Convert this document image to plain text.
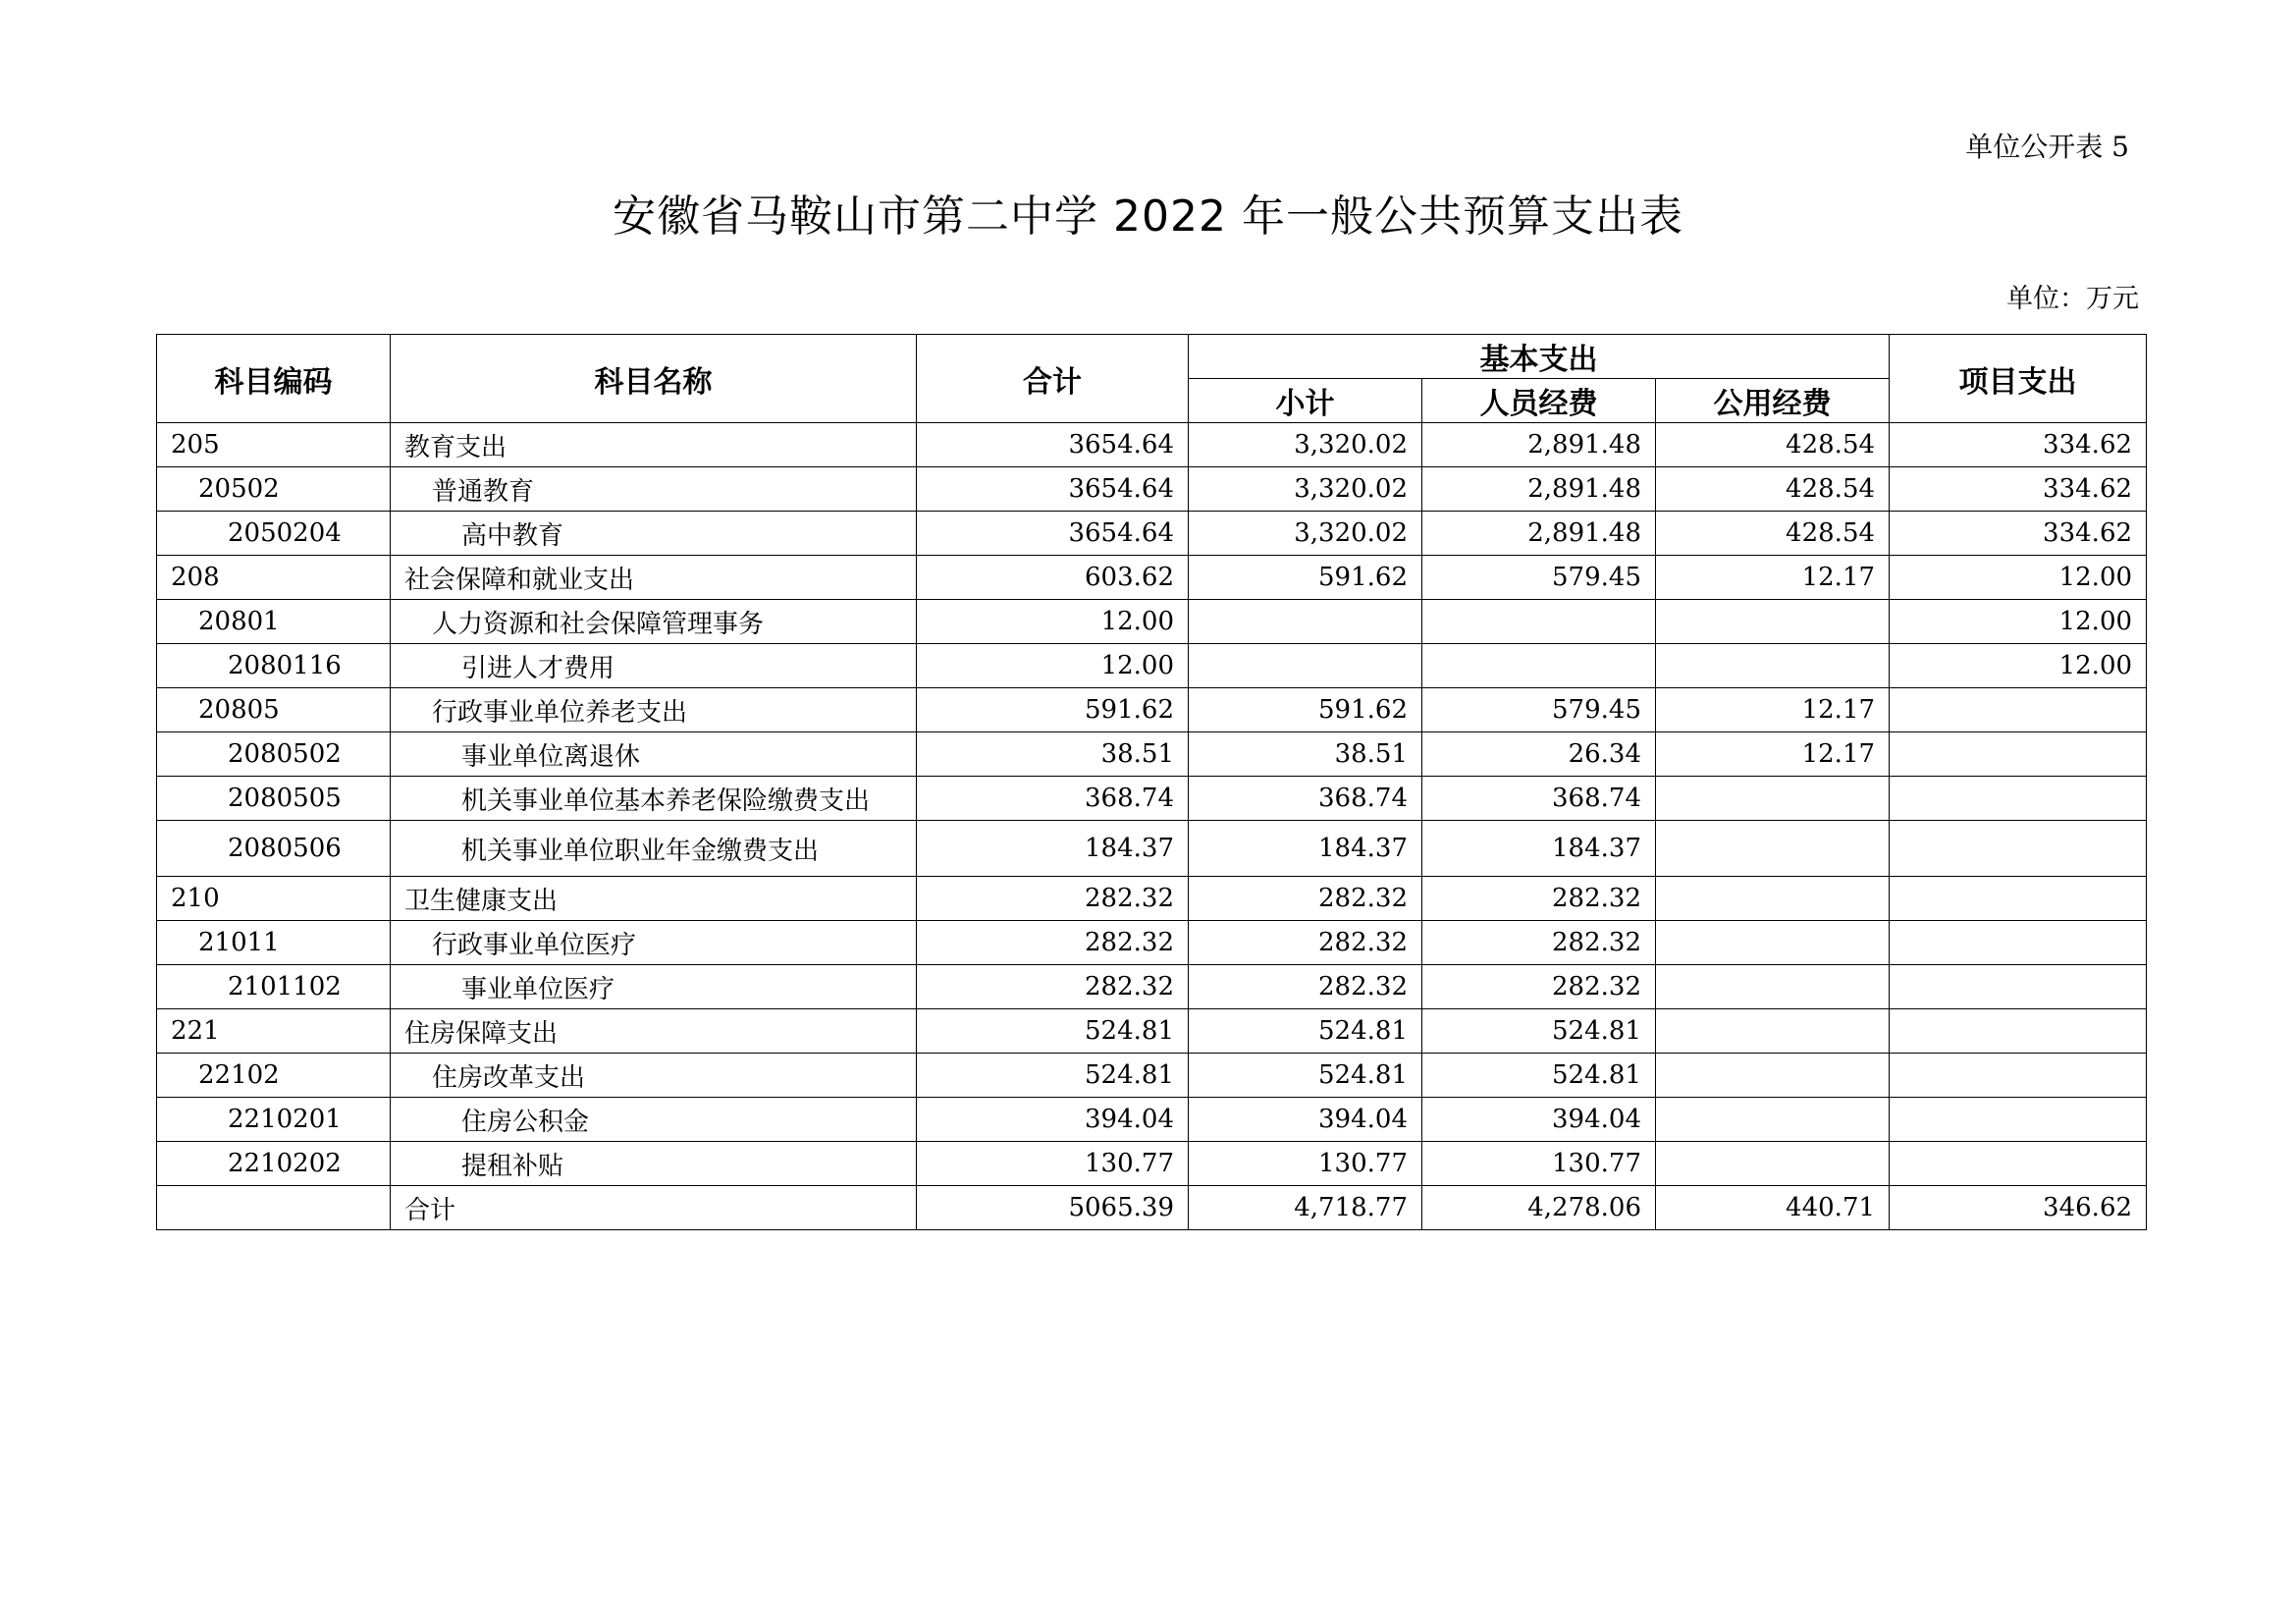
单位公开表 5
安徽省马鞍山市第二中学 2022 年一般公共预算支出表
单位：万元
科目编码	科目名称	合计	基本支出			项目支出
			小计	人员经费	公用经费	
205	教育支出	3654.64	3,320.02	2,891.48	428.54	334.62
20502	普通教育	3654.64	3,320.02	2,891.48	428.54	334.62
2050204	高中教育	3654.64	3,320.02	2,891.48	428.54	334.62
208	社会保障和就业支出	603.62	591.62	579.45	12.17	12.00
20801	人力资源和社会保障管理事务	12.00				12.00
2080116	引进人才费用	12.00				12.00
20805	行政事业单位养老支出	591.62	591.62	579.45	12.17	
2080502	事业单位离退休	38.51	38.51	26.34	12.17	
2080505	机关事业单位基本养老保险缴费支出	368.74	368.74	368.74		
2080506	机关事业单位职业年金缴费支出	184.37	184.37	184.37		
210	卫生健康支出	282.32	282.32	282.32		
21011	行政事业单位医疗	282.32	282.32	282.32		
2101102	事业单位医疗	282.32	282.32	282.32		
221	住房保障支出	524.81	524.81	524.81		
22102	住房改革支出	524.81	524.81	524.81		
2210201	住房公积金	394.04	394.04	394.04		
2210202	提租补贴	130.77	130.77	130.77		
	合计	5065.39	4,718.77	4,278.06	440.71	346.62
